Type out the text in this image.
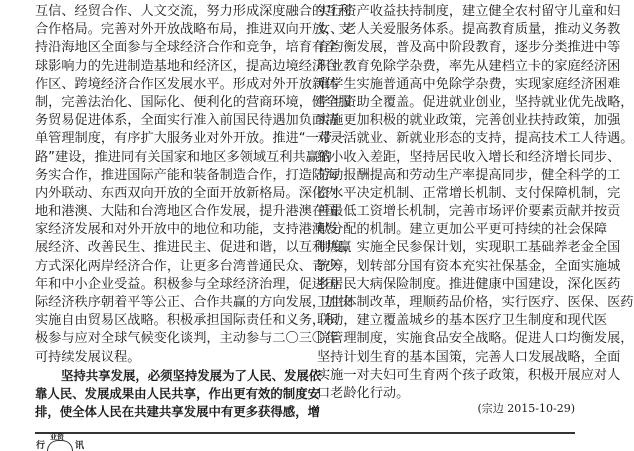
互信、经贸合作、人文交流，努力形成深度融合的互利
合作格局。完善对外开放战略布局，推进双向开放，支
持沿海地区全面参与全球经济合作和竞争，培育有全
球影响力的先进制造基地和经济区，提高边境经济合
作区、跨境经济合作区发展水平。形成对外开放新体
制，完善法治化、国际化、便利化的营商环境，健全服
务贸易促进体系，全面实行准入前国民待遇加负面清
单管理制度，有序扩大服务业对外开放。推进“一带一
路”建设，推进同有关国家和地区多领域互利共赢的
务实合作，推进国际产能和装备制造合作，打造陆海
内外联动、东西双向开放的全面开放新格局。深化内
地和港澳、大陆和台湾地区合作发展，提升港澳在国
家经济发展和对外开放中的地位和功能，支持港澳发
展经济、改善民生、推进民主、促进和谐，以互利共赢
方式深化两岸经济合作，让更多台湾普通民众、青少
年和中小企业受益。积极参与全球经济治理，促进国
际经济秩序朝着平等公正、合作共赢的方向发展，加快
实施自由贸易区战略。积极承担国际责任和义务，积
极参与应对全球气候变化谈判，主动参与二〇三〇年
可持续发展议程。
坚持共享发展，必须坚持发展为了人民、发展依
靠人民、发展成果由人民共享，作出更有效的制度安
排，使全体人民在共建共享发展中有更多获得感，增
实行资产收益扶持制度，建立健全农村留守儿童和妇
女、老人关爱服务体系。提高教育质量，推动义务教
育均衡发展，普及高中阶段教育，逐步分类推进中等
职业教育免除学杂费，率先从建档立卡的家庭经济困
难学生实施普通高中免除学杂费，实现家庭经济困难
学生资助全覆盖。促进就业创业，坚持就业优先战略，
实施更加积极的就业政策，完善创业扶持政策，加强
对灵活就业、新就业形态的支持，提高技术工人待遇。
缩小收入差距，坚持居民收入增长和经济增长同步、
劳动报酬提高和劳动生产率提高同步，健全科学的工
资水平决定机制、正常增长机制、支付保障机制，完
善最低工资增长机制，完善市场评价要素贡献并按贡
献分配的机制。建立更加公平更可持续的社会保障
制度，实施全民参保计划，实现职工基础养老金全国
统筹，划转部分国有资本充实社保基金，全面实施城
乡居民大病保险制度。推进健康中国建设，深化医药
卫生体制改革，理顺药品价格，实行医疗、医保、医药
联动，建立覆盖城乡的基本医疗卫生制度和现代医
院管理制度，实施食品安全战略。促进人口均衡发展，
坚持计划生育的基本国策，完善人口发展战略，全面
实施一对夫妇可生育两个孩子政策，积极开展应对人
口老龄化行动。
(宗边 2015-10-29)
行
业资
讯
